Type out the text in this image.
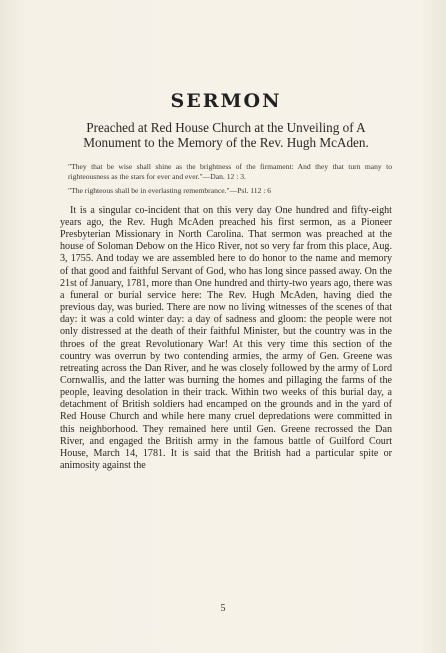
SERMON

Preached at Red House Church at the Unveiling of A Monument to the Memory of the Rev. Hugh McAden.

"They that be wise shall shine as the brightness of the firmament: And they that turn many to righteousness as the stars for ever and ever."—Dan. 12 : 3.

"The righteous shall be in everlasting remembrance."—Psl. 112 : 6

It is a singular co-incident that on this very day One hundred and fifty-eight years ago, the Rev. Hugh McAden preached his first sermon, as a Pioneer Presbyterian Missionary in North Carolina. That sermon was preached at the house of Soloman Debow on the Hico River, not so very far from this place, Aug. 3, 1755. And today we are assembled here to do honor to the name and memory of that good and faithful Servant of God, who has long since passed away. On the 21st of January, 1781, more than One hundred and thirty-two years ago, there was a funeral or burial service here: The Rev. Hugh McAden, having died the previous day, was buried. There are now no living witnesses of the scenes of that day: it was a cold winter day: a day of sadness and gloom: the people were not only distressed at the death of their faithful Minister, but the country was in the throes of the great Revolutionary War! At this very time this section of the country was overrun by two contending armies, the army of Gen. Greene was retreating across the Dan River, and he was closely followed by the army of Lord Cornwallis, and the latter was burning the homes and pillaging the farms of the people, leaving desolation in their track. Within two weeks of this burial day, a detachment of British soldiers had encamped on the grounds and in the yard of Red House Church and while here many cruel depredations were committed in this neighborhood. They remained here until Gen. Greene recrossed the Dan River, and engaged the British army in the famous battle of Guilford Court House, March 14, 1781. It is said that the British had a particular spite or animosity against the

5
